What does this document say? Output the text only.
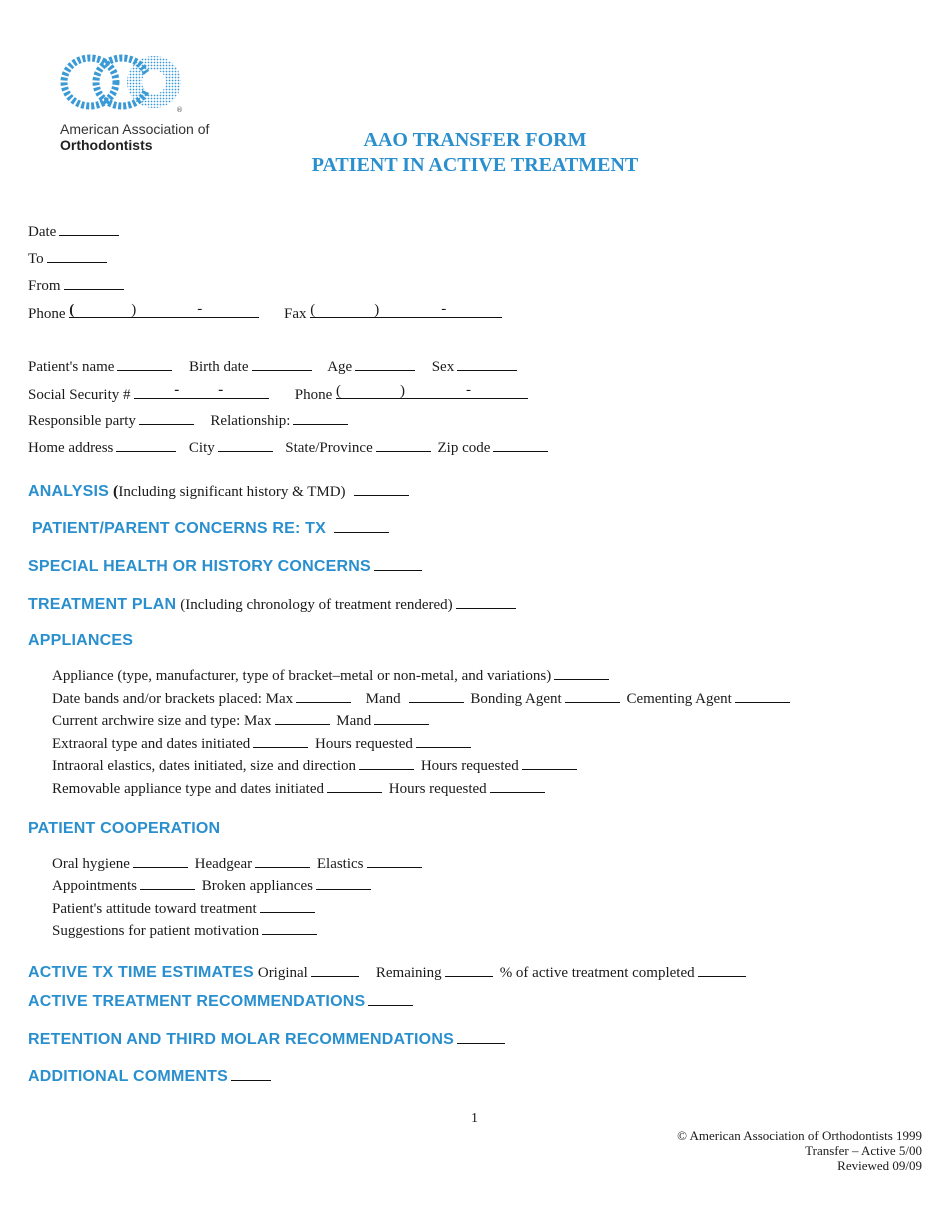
®
American Association of
Orthodontists	AAO TRANSFER FORM
PATIENT IN ACTIVE TREATMENT
Date
To
From
Phone (	)	-	Fax (	)	-
Patient's name	Birth date	Age	Sex
Social Security #	-	-	Phone (	)	-
Responsible party	Relationship:
Home address	City	State/Province	Zip code
ANALYSIS (Including significant history & TMD)
PATIENT/PARENT CONCERNS RE: TX
SPECIAL HEALTH OR HISTORY CONCERNS
TREATMENT PLAN (Including chronology of treatment rendered)
APPLIANCES
Appliance (type, manufacturer, type of bracket–metal or non-metal, and variations)
Date bands and/or brackets placed: Max	Mand	Bonding Agent	Cementing Agent
Current archwire size and type: Max	Mand
Extraoral type and dates initiated	Hours requested
Intraoral elastics, dates initiated, size and direction	Hours requested
Removable appliance type and dates initiated	Hours requested
PATIENT COOPERATION
Oral hygiene	Headgear	Elastics
Appointments	Broken appliances
Patient's attitude toward treatment
Suggestions for patient motivation
ACTIVE TX TIME ESTIMATES Original	Remaining	% of active treatment completed
ACTIVE TREATMENT RECOMMENDATIONS
RETENTION AND THIRD MOLAR RECOMMENDATIONS
ADDITIONAL COMMENTS
1
© American Association of Orthodontists 1999
Transfer – Active 5/00
Reviewed 09/09
